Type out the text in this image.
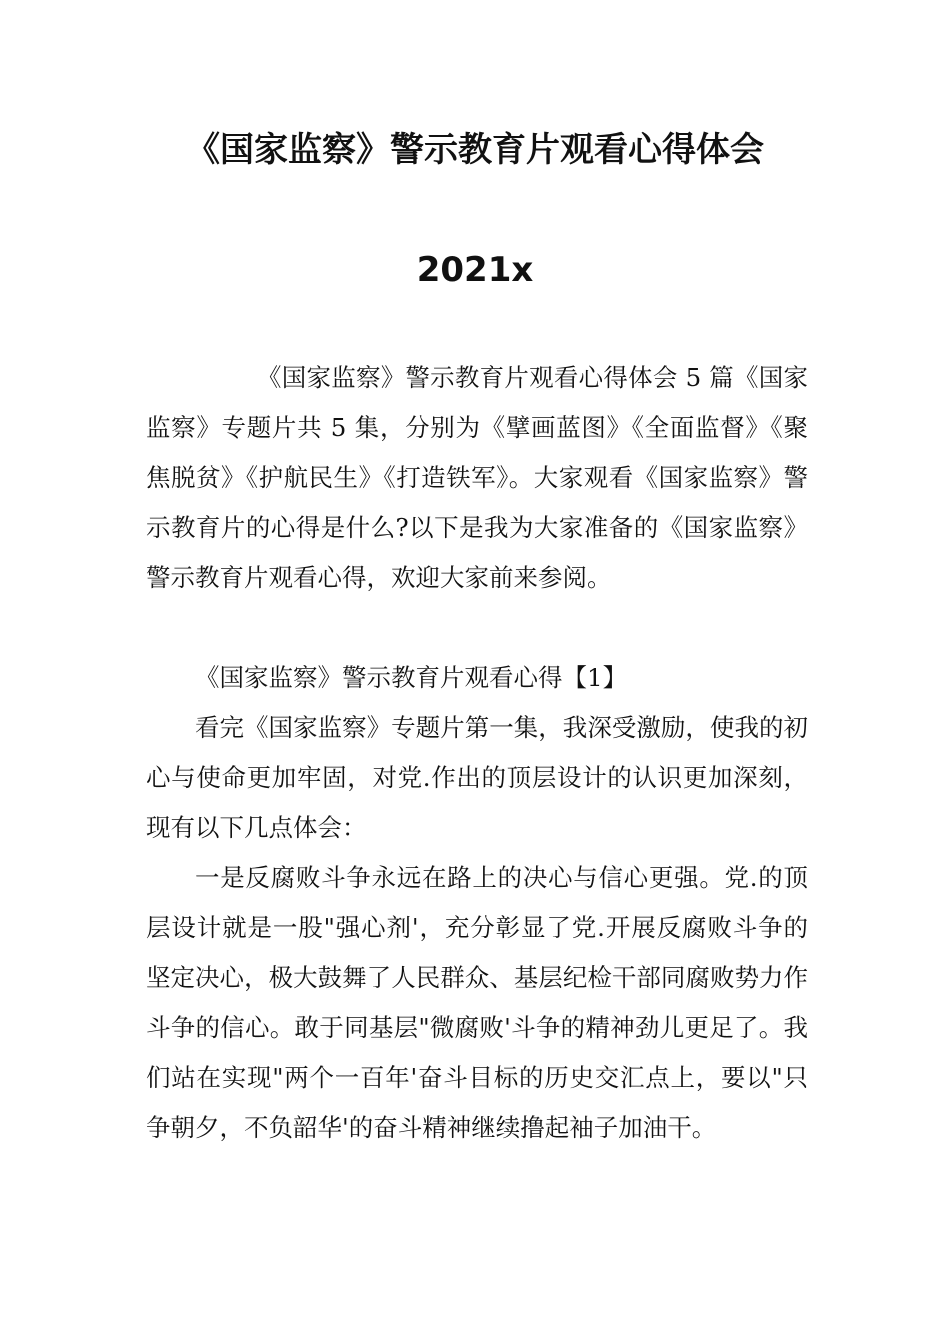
《国家监察》警示教育片观看心得体会
2021x

　　　《国家监察》警示教育片观看心得体会 5 篇《国家监察》专题片共 5 集，分别为《擘画蓝图》《全面监督》《聚焦脱贫》《护航民生》《打造铁军》。大家观看《国家监察》警示教育片的心得是什么?以下是我为大家准备的《国家监察》警示教育片观看心得，欢迎大家前来参阅。

《国家监察》警示教育片观看心得【1】

看完《国家监察》专题片第一集，我深受激励，使我的初心与使命更加牢固，对党.作出的顶层设计的认识更加深刻，现有以下几点体会：

一是反腐败斗争永远在路上的决心与信心更强。党.的顶层设计就是一股"强心剂'，充分彰显了党.开展反腐败斗争的坚定决心，极大鼓舞了人民群众、基层纪检干部同腐败势力作斗争的信心。敢于同基层"微腐败'斗争的精神劲儿更足了。我们站在实现"两个一百年'奋斗目标的历史交汇点上，要以"只争朝夕，不负韶华'的奋斗精神继续撸起袖子加油干。
